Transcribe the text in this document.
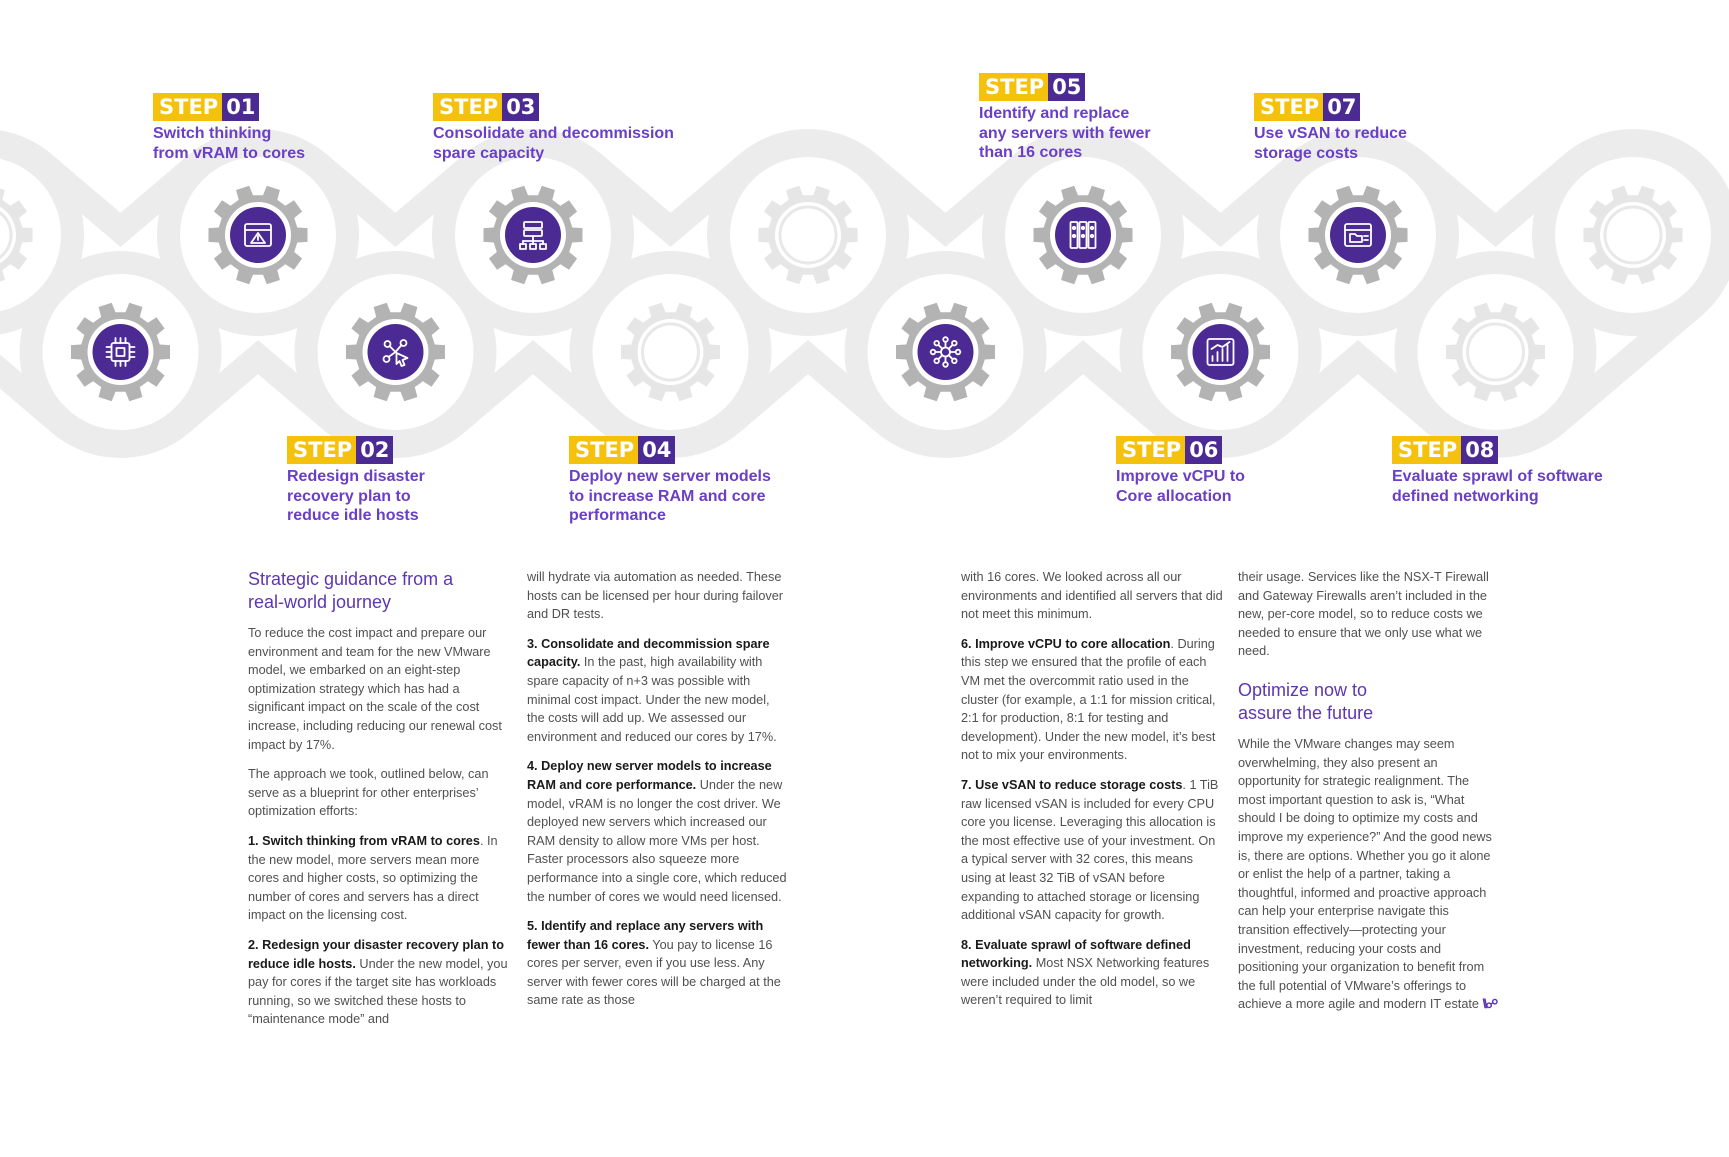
STEP 01
Switch thinking
from vRAM to cores
STEP 03
Consolidate and decommission
spare capacity
STEP 05
Identify and replace
any servers with fewer
than 16 cores
STEP 07
Use vSAN to reduce
storage costs
STEP 02
Redesign disaster
recovery plan to
reduce idle hosts
STEP 04
Deploy new server models
to increase RAM and core
performance
STEP 06
Improve vCPU to
Core allocation
STEP 08
Evaluate sprawl of software
defined networking
Strategic guidance from a
real-world journey

To reduce the cost impact and prepare our environment and team for the new VMware model, we embarked on an eight-step optimization strategy which has had a significant impact on the scale of the cost increase, including reducing our renewal cost impact by 17%.

The approach we took, outlined below, can serve as a blueprint for other enterprises’ optimization efforts:

1. Switch thinking from vRAM to cores. In the new model, more servers mean more cores and higher costs, so optimizing the number of cores and servers has a direct impact on the licensing cost.

2. Redesign your disaster recovery plan to reduce idle hosts. Under the new model, you pay for cores if the target site has workloads running, so we switched these hosts to “maintenance mode” and

will hydrate via automation as needed. These hosts can be licensed per hour during failover and DR tests.

3. Consolidate and decommission spare capacity. In the past, high availability with spare capacity of n+3 was possible with minimal cost impact. Under the new model, the costs will add up. We assessed our environment and reduced our cores by 17%.

4. Deploy new server models to increase RAM and core performance. Under the new model, vRAM is no longer the cost driver. We deployed new servers which increased our RAM density to allow more VMs per host. Faster processors also squeeze more performance into a single core, which reduced the number of cores we would need licensed.

5. Identify and replace any servers with fewer than 16 cores. You pay to license 16 cores per server, even if you use less. Any server with fewer cores will be charged at the same rate as those

with 16 cores. We looked across all our environments and identified all servers that did not meet this minimum.

6. Improve vCPU to core allocation. During this step we ensured that the profile of each VM met the overcommit ratio used in the cluster (for example, a 1:1 for mission critical, 2:1 for production, 8:1 for testing and development). Under the new model, it’s best not to mix your environments.

7. Use vSAN to reduce storage costs. 1 TiB raw licensed vSAN is included for every CPU core you license. Leveraging this allocation is the most effective use of your investment. On a typical server with 32 cores, this means using at least 32 TiB of vSAN before expanding to attached storage or licensing additional vSAN capacity for growth.

8. Evaluate sprawl of software defined networking. Most NSX Networking features were included under the old model, so we weren’t required to limit

their usage. Services like the NSX-T Firewall and Gateway Firewalls aren’t included in the new, per-core model, so to reduce costs we needed to ensure that we only use what we need.

Optimize now to
assure the future

While the VMware changes may seem overwhelming, they also present an opportunity for strategic realignment. The most important question to ask is, “What should I be doing to optimize my costs and improve my experience?” And the good news is, there are options. Whether you go it alone or enlist the help of a partner, taking a thoughtful, informed and proactive approach can help your enterprise navigate this transition effectively—protecting your investment, reducing your costs and positioning your organization to benefit from the full potential of VMware’s offerings to achieve a more agile and modern IT estate \\☍
